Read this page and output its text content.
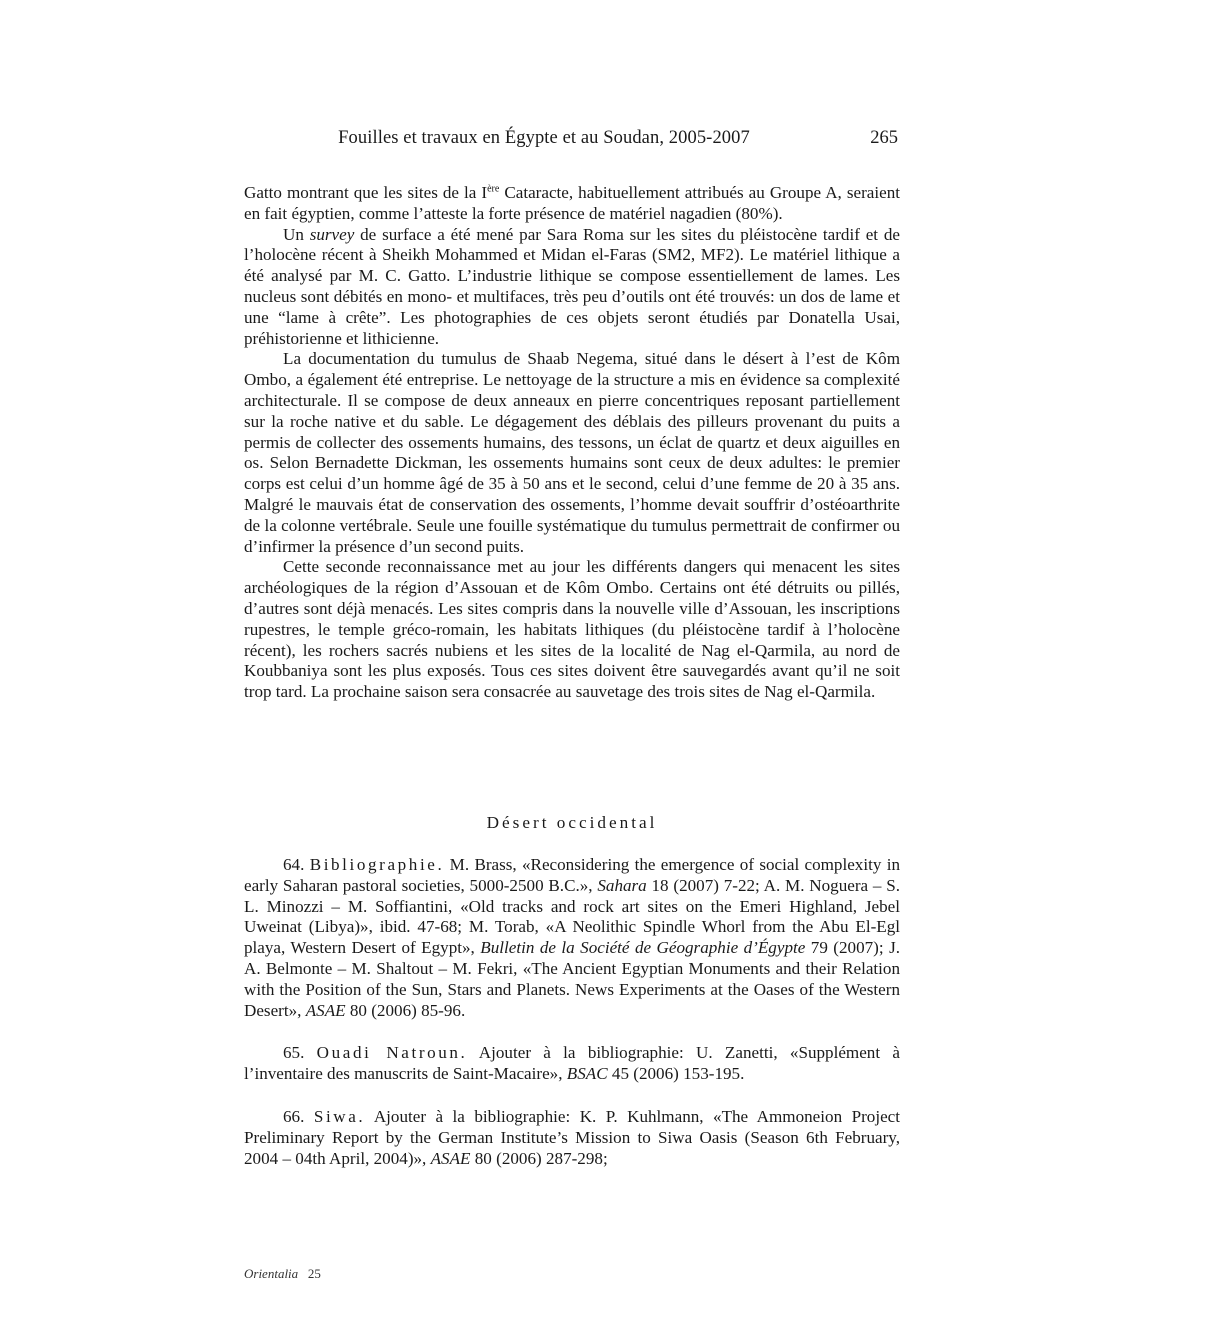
Fouilles et travaux en Égypte et au Soudan, 2005-2007	265

Gatto montrant que les sites de la Ière Cataracte, habituellement attribués au Groupe A, seraient en fait égyptien, comme l’atteste la forte présence de matériel nagadien (80%).

Un survey de surface a été mené par Sara Roma sur les sites du pléistocène tardif et de l’holocène récent à Sheikh Mohammed et Midan el-Faras (SM2, MF2). Le matériel lithique a été analysé par M. C. Gatto. L’industrie lithique se compose essentiellement de lames. Les nucleus sont débités en mono- et multifaces, très peu d’outils ont été trouvés: un dos de lame et une “lame à crête”. Les photographies de ces objets seront étudiés par Donatella Usai, préhistorienne et lithicienne.

La documentation du tumulus de Shaab Negema, situé dans le désert à l’est de Kôm Ombo, a également été entreprise. Le nettoyage de la structure a mis en évidence sa complexité architecturale. Il se compose de deux anneaux en pierre concentriques reposant partiellement sur la roche native et du sable. Le dégagement des déblais des pilleurs provenant du puits a permis de collecter des ossements humains, des tessons, un éclat de quartz et deux aiguilles en os. Selon Bernadette Dickman, les ossements humains sont ceux de deux adultes: le premier corps est celui d’un homme âgé de 35 à 50 ans et le second, celui d’une femme de 20 à 35 ans. Malgré le mauvais état de conservation des ossements, l’homme devait souffrir d’ostéoarthrite de la colonne vertébrale. Seule une fouille systématique du tumulus permettrait de confirmer ou d’infirmer la présence d’un second puits.

Cette seconde reconnaissance met au jour les différents dangers qui menacent les sites archéologiques de la région d’Assouan et de Kôm Ombo. Certains ont été détruits ou pillés, d’autres sont déjà menacés. Les sites compris dans la nouvelle ville d’Assouan, les inscriptions rupestres, le temple gréco-romain, les habitats lithiques (du pléistocène tardif à l’holocène récent), les rochers sacrés nubiens et les sites de la localité de Nag el-Qarmila, au nord de Koubbaniya sont les plus exposés. Tous ces sites doivent être sauvegardés avant qu’il ne soit trop tard. La prochaine saison sera consacrée au sauvetage des trois sites de Nag el-Qarmila.

Désert occidental

64. Bibliographie. M. Brass, «Reconsidering the emergence of social complexity in early Saharan pastoral societies, 5000-2500 B.C.», Sahara 18 (2007) 7-22; A. M. Noguera – S. L. Minozzi – M. Soffiantini, «Old tracks and rock art sites on the Emeri Highland, Jebel Uweinat (Libya)», ibid. 47-68; M. Torab, «A Neolithic Spindle Whorl from the Abu El-Egl playa, Western Desert of Egypt», Bulletin de la Société de Géographie d’Égypte 79 (2007); J. A. Belmonte – M. Shaltout – M. Fekri, «The Ancient Egyptian Monuments and their Relation with the Position of the Sun, Stars and Planets. News Experiments at the Oases of the Western Desert», ASAE 80 (2006) 85-96.

65. Ouadi Natroun. Ajouter à la bibliographie: U. Zanetti, «Supplément à l’inventaire des manuscrits de Saint-Macaire», BSAC 45 (2006) 153-195.

66. Siwa. Ajouter à la bibliographie: K. P. Kuhlmann, «The Ammoneion Project Preliminary Report by the German Institute’s Mission to Siwa Oasis (Season 6th February, 2004 – 04th April, 2004)», ASAE 80 (2006) 287-298;

Orientalia 25
